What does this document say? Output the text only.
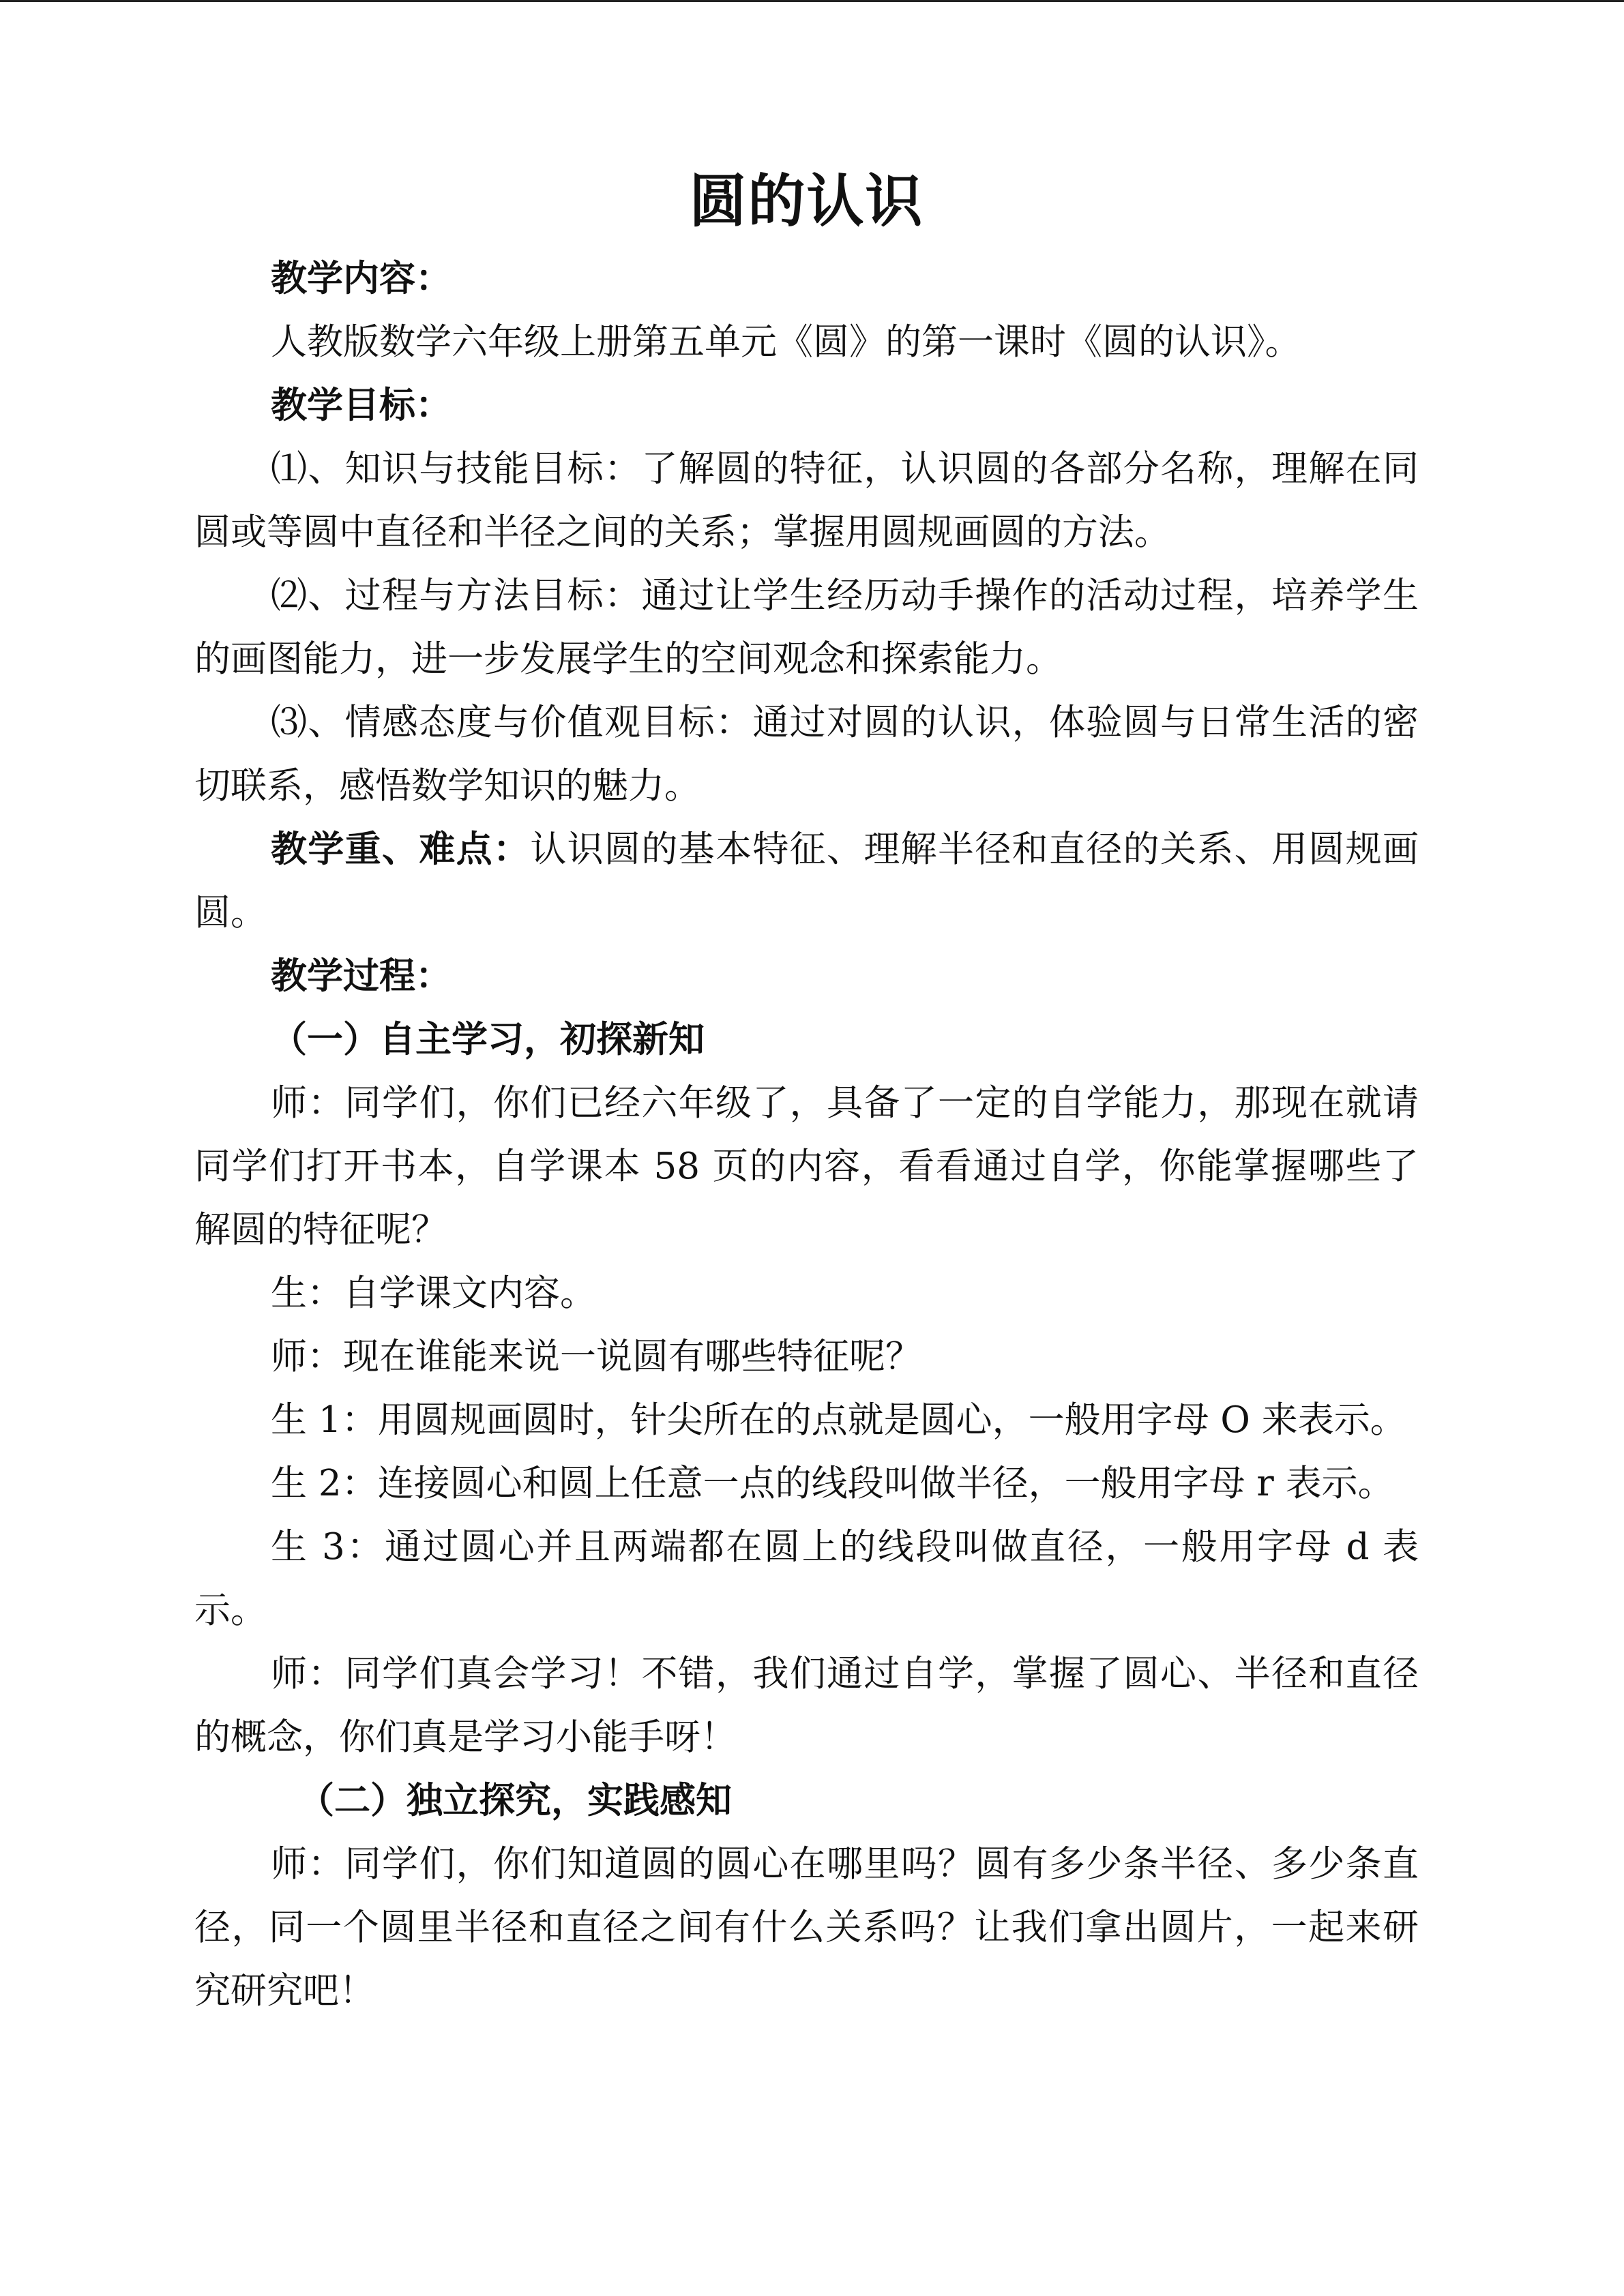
圆的认识

教学内容：

人教版数学六年级上册第五单元《圆》的第一课时《圆的认识》。

教学目标：

⑴、知识与技能目标：了解圆的特征，认识圆的各部分名称，理解在同圆或等圆中直径和半径之间的关系；掌握用圆规画圆的方法。

⑵、过程与方法目标：通过让学生经历动手操作的活动过程，培养学生的画图能力，进一步发展学生的空间观念和探索能力。

⑶、情感态度与价值观目标：通过对圆的认识，体验圆与日常生活的密切联系，感悟数学知识的魅力。

教学重、难点：认识圆的基本特征、理解半径和直径的关系、用圆规画圆。

教学过程：

（一）自主学习，初探新知

师：同学们，你们已经六年级了，具备了一定的自学能力，那现在就请同学们打开书本，自学课本 58 页的内容，看看通过自学，你能掌握哪些了解圆的特征呢？

生：自学课文内容。

师：现在谁能来说一说圆有哪些特征呢？

生 1：用圆规画圆时，针尖所在的点就是圆心，一般用字母 O 来表示。

生 2：连接圆心和圆上任意一点的线段叫做半径，一般用字母 r 表示。

生 3：通过圆心并且两端都在圆上的线段叫做直径，一般用字母 d 表示。

师：同学们真会学习！不错，我们通过自学，掌握了圆心、半径和直径的概念，你们真是学习小能手呀！

（二）独立探究，实践感知

师：同学们，你们知道圆的圆心在哪里吗？圆有多少条半径、多少条直径，同一个圆里半径和直径之间有什么关系吗？让我们拿出圆片，一起来研究研究吧！
